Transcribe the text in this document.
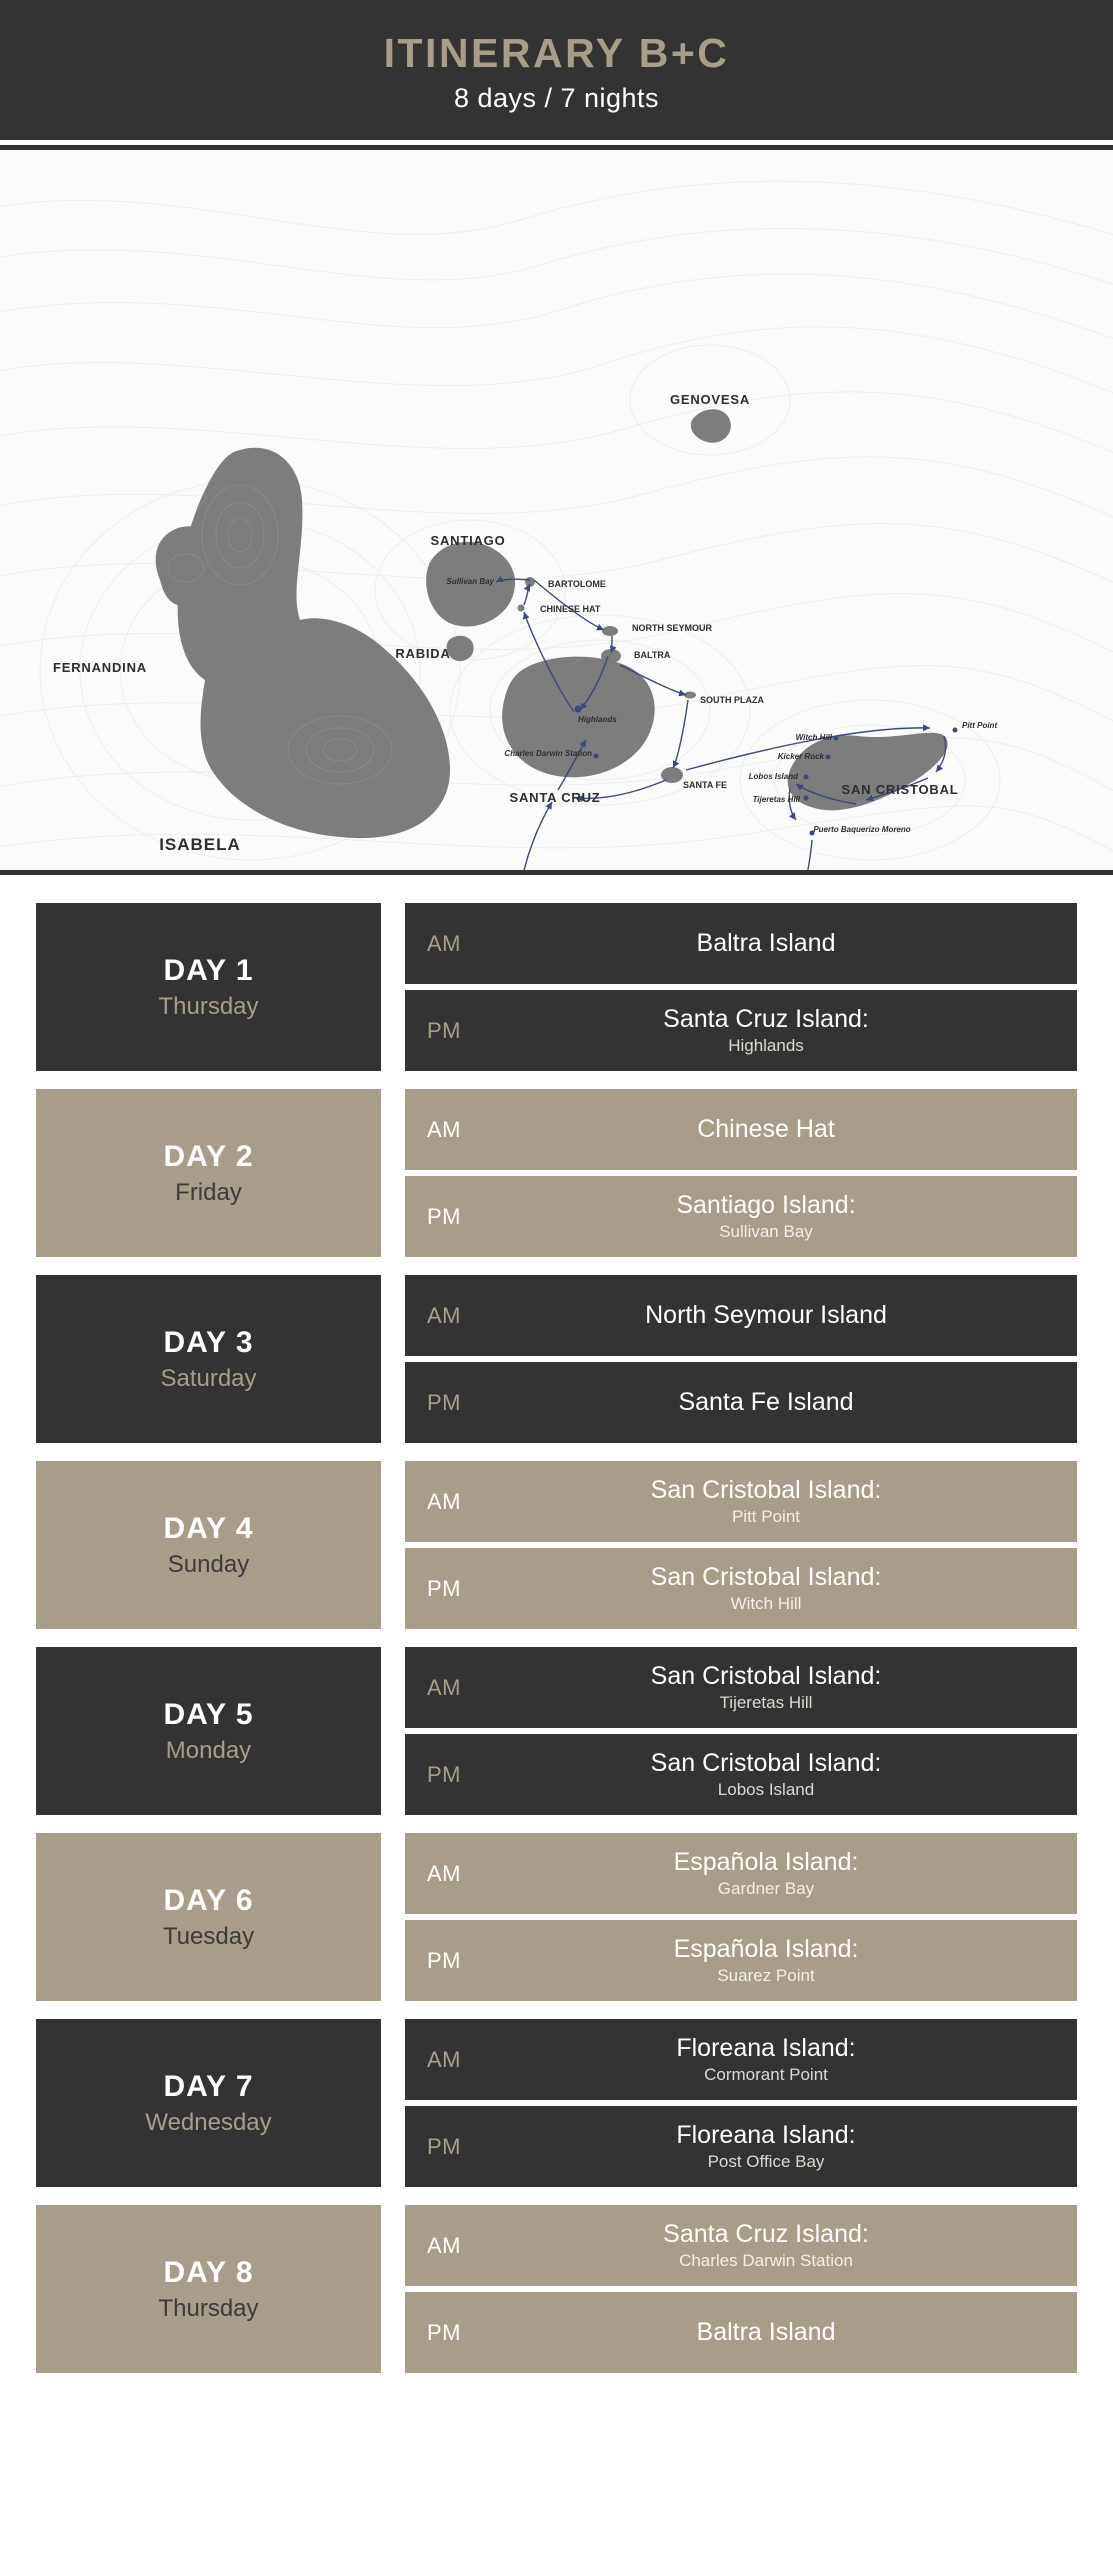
ITINERARY B+C
8 days / 7 nights
ISABELA
FERNANDINA
SANTIAGO
RABIDA
SANTA CRUZ
SAN CRISTOBAL
GENOVESA
Sullivan Bay	BARTOLOME
CHINESE HAT
NORTH SEYMOUR
BALTRA
Highlands
SOUTH PLAZA
Charles Darwin Station
SANTA FE
Witch Hill
Kicker Rock
Pitt Point
Lobos Island
Tijeretas Hill
Puerto Baquerizo Moreno
DAY 1
Thursday
AM	Baltra Island
PM	Santa Cruz Island:
Highlands
DAY 2
Friday
AM	Chinese Hat
PM	Santiago Island:
Sullivan Bay
DAY 3
Saturday
AM	North Seymour Island
PM	Santa Fe Island
DAY 4
Sunday
AM	San Cristobal Island:
Pitt Point
PM	San Cristobal Island:
Witch Hill
DAY 5
Monday
AM	San Cristobal Island:
Tijeretas Hill
PM	San Cristobal Island:
Lobos Island
DAY 6
Tuesday
AM	Española Island:
Gardner Bay
PM	Española Island:
Suarez Point
DAY 7
Wednesday
AM	Floreana Island:
Cormorant Point
PM	Floreana Island:
Post Office Bay
DAY 8
Thursday
AM	Santa Cruz Island:
Charles Darwin Station
PM	Baltra Island
